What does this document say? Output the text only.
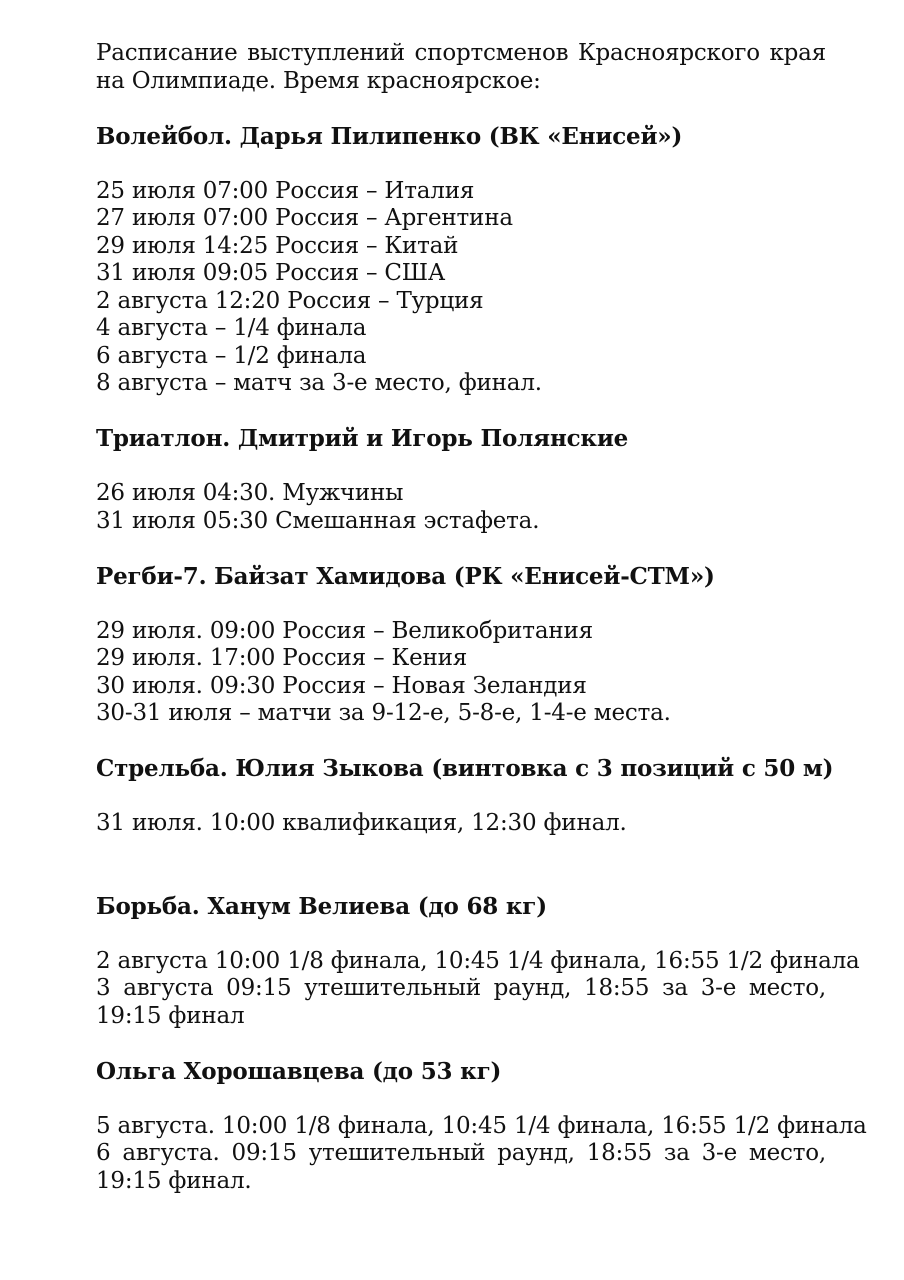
Расписание выступлений спортсменов Красноярского края на Олимпиаде. Время красноярское:

Волейбол. Дарья Пилипенко (ВК «Енисей»)

25 июля 07:00 Россия – Италия

27 июля 07:00 Россия – Аргентина

29 июля 14:25 Россия – Китай

31 июля 09:05 Россия – США

2 августа 12:20 Россия – Турция

4 августа – 1/4 финала

6 августа – 1/2 финала

8 августа – матч за 3-е место, финал.

Триатлон. Дмитрий и Игорь Полянские

26 июля 04:30. Мужчины

31 июля 05:30 Смешанная эстафета.

Регби-7. Байзат Хамидова (РК «Енисей-СТМ»)

29 июля. 09:00 Россия – Великобритания

29 июля. 17:00 Россия – Кения

30 июля. 09:30 Россия – Новая Зеландия

30-31 июля – матчи за 9-12-е, 5-8-е, 1-4-е места.

Стрельба. Юлия Зыкова (винтовка с 3 позиций с 50 м)

31 июля. 10:00 квалификация, 12:30 финал.

Борьба. Ханум Велиева (до 68 кг)

2 августа 10:00 1/8 финала, 10:45 1/4 финала, 16:55 1/2 финала

3 августа 09:15 утешительный раунд, 18:55 за 3-е место, 19:15 финал

Ольга Хорошавцева (до 53 кг)

5 августа. 10:00 1/8 финала, 10:45 1/4 финала, 16:55 1/2 финала

6 августа. 09:15 утешительный раунд, 18:55 за 3-е место, 19:15 финал.
